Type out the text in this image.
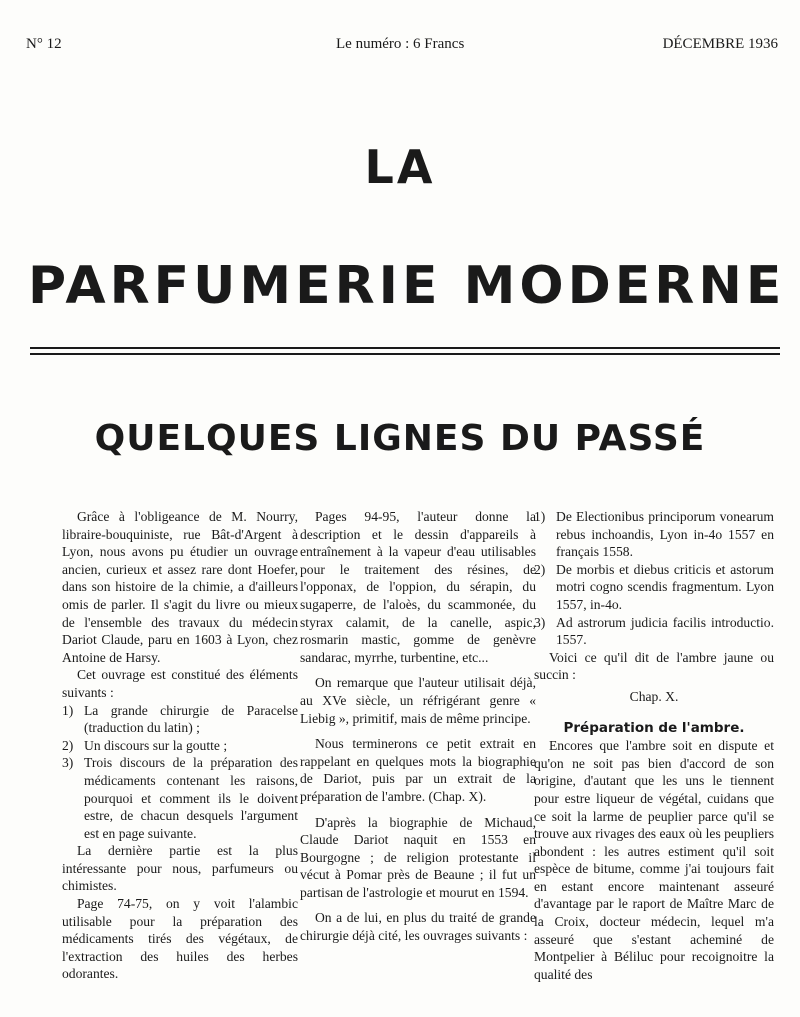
N° 12	Le numéro : 6 Francs	DÉCEMBRE 1936
LA
PARFUMERIE MODERNE
QUELQUES LIGNES DU PASSÉ

Grâce à l'obligeance de M. Nourry, libraire-bouquiniste, rue Bât-d'Argent à Lyon, nous avons pu étudier un ouvrage ancien, curieux et assez rare dont Hoefer, dans son histoire de la chimie, a d'ailleurs omis de parler. Il s'agit du livre ou mieux de l'ensemble des travaux du médecin Dariot Claude, paru en 1603 à Lyon, chez Antoine de Harsy.

Cet ouvrage est constitué des éléments suivants :

1) La grande chirurgie de Paracelse (traduction du latin) ;
2) Un discours sur la goutte ;
3) Trois discours de la préparation des médicaments contenant les raisons, pourquoi et comment ils le doivent estre, de chacun desquels l'argument est en page suivante.

La dernière partie est la plus intéressante pour nous, parfumeurs ou chimistes.

Page 74-75, on y voit l'alambic utilisable pour la préparation des médicaments tirés des végétaux, de l'extraction des huiles des herbes odorantes.

Pages 94-95, l'auteur donne la description et le dessin d'appareils à entraînement à la vapeur d'eau utilisables pour le traitement des résines, de l'opponax, de l'oppion, du sérapin, du sugaperre, de l'aloès, du scammonée, du styrax calamit, de la canelle, aspic, rosmarin mastic, gomme de genèvre sandarac, myrrhe, turbentine, etc...

On remarque que l'auteur utilisait déjà, au XVe siècle, un réfrigérant genre « Liebig », primitif, mais de même principe.

Nous terminerons ce petit extrait en rappelant en quelques mots la biographie de Dariot, puis par un extrait de la préparation de l'ambre. (Chap. X).

D'après la biographie de Michaud, Claude Dariot naquit en 1553 en Bourgogne ; de religion protestante il vécut à Pomar près de Beaune ; il fut un partisan de l'astrologie et mourut en 1594.

On a de lui, en plus du traité de grande chirurgie déjà cité, les ouvrages suivants :

1) De Electionibus principorum vonearum rebus inchoandis, Lyon in-4o 1557 en français 1558.
2) De morbis et diebus criticis et astorum motri cogno scendis fragmentum. Lyon 1557, in-4o.
3) Ad astrorum judicia facilis introductio. 1557.

Voici ce qu'il dit de l'ambre jaune ou succin :

Chap. X.

Préparation de l'ambre.

Encores que l'ambre soit en dispute et qu'on ne soit pas bien d'accord de son origine, d'autant que les uns le tiennent pour estre liqueur de végétal, cuidans que ce soit la larme de peuplier parce qu'il se trouve aux rivages des eaux où les peupliers abondent : les autres estiment qu'il soit espèce de bitume, comme j'ai toujours fait en estant encore maintenant asseuré d'avantage par le raport de Maître Marc de la Croix, docteur médecin, lequel m'a asseuré que s'estant acheminé de Montpelier à Béliluc pour recoignoitre la qualité des
